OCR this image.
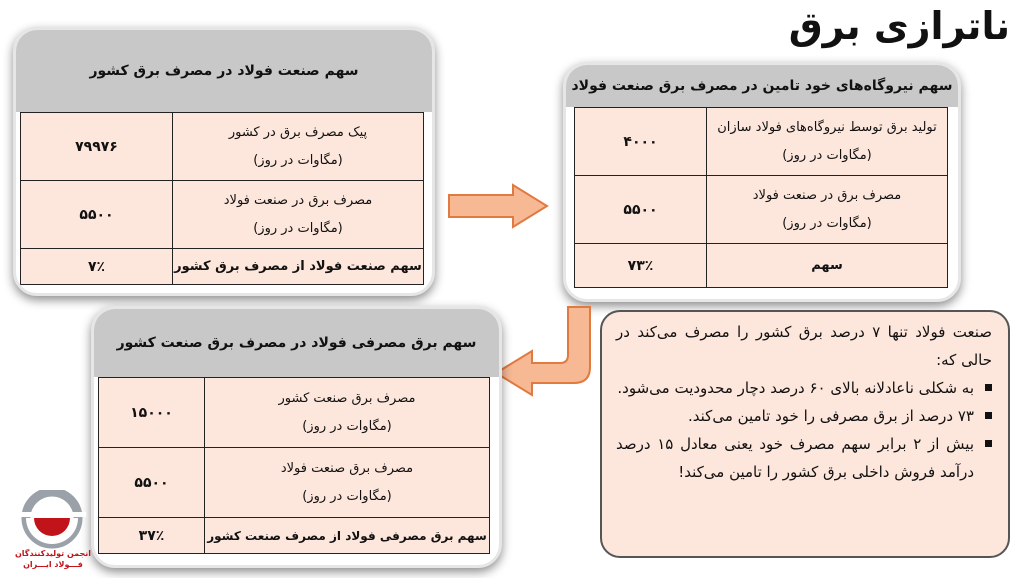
ناترازی برق
سهم صنعت فولاد در مصرف برق کشور
پیک مصرف برق در کشور
(مگاوات در روز)	۷۹۹۷۶

مصرف برق در صنعت فولاد
(مگاوات در روز)	۵۵۰۰
سهم صنعت فولاد از مصرف برق کشور	۷٪
سهم نیروگاه‌های خود تامین در مصرف برق صنعت فولاد
تولید برق توسط نیروگاه‌های فولاد سازان
(مگاوات در روز)	۴۰۰۰

مصرف برق در صنعت فولاد
(مگاوات در روز)	۵۵۰۰
سهم	۷۳٪
سهم برق مصرفی فولاد در مصرف برق صنعت کشور
مصرف برق صنعت کشور
(مگاوات در روز)	۱۵۰۰۰

مصرف برق صنعت فولاد
(مگاوات در روز)	۵۵۰۰
سهم برق مصرفی فولاد از مصرف صنعت کشور	۳۷٪
صنعت فولاد تنها ۷ درصد برق کشور را مصرف می‌کند در حالی که:
به شکلی ناعادلانه بالای ۶۰ درصد دچار محدودیت می‌شود.
۷۳ درصد از برق مصرفی را خود تامین می‌کند.
بیش از ۲ برابر سهم مصرف خود یعنی معادل ۱۵ درصد درآمد فروش داخلی برق کشور را تامین می‌کند!
انجمن تولیدکنندگان
فـــولاد ایـــران
